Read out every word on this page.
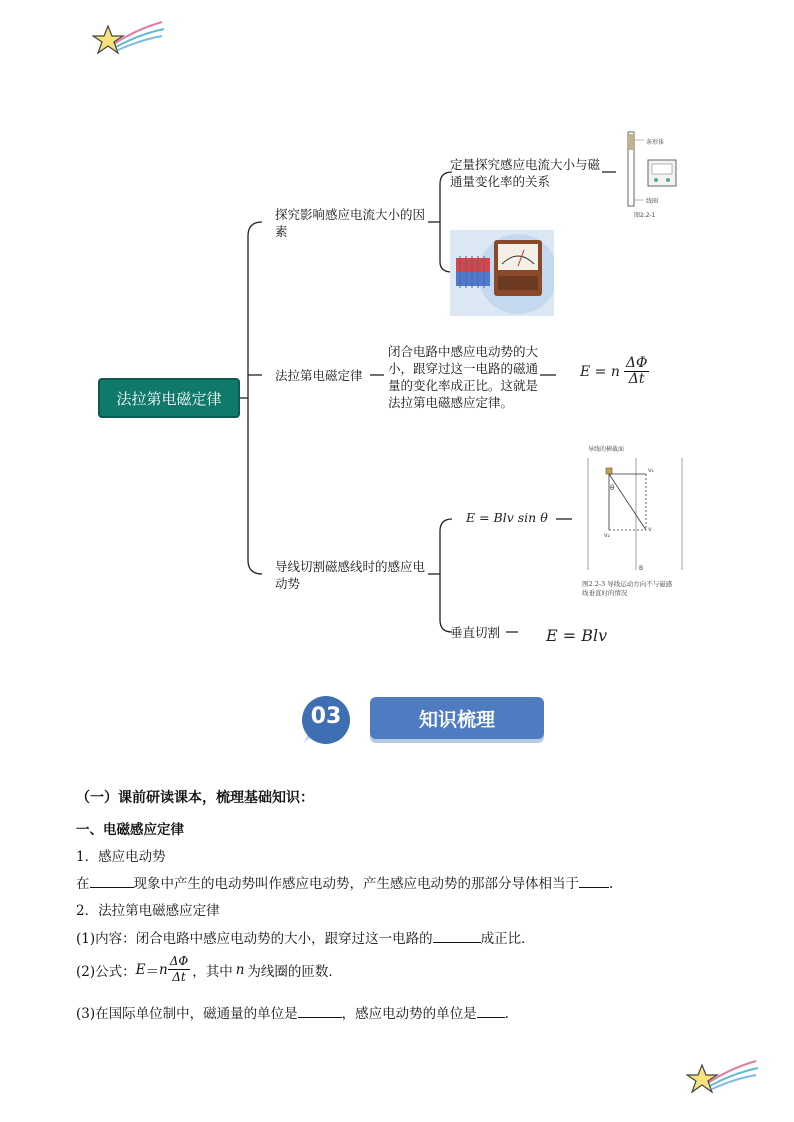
法拉第电磁定律
探究影响感应电流大小的因
素
定量探究感应电流大小与磁
通量变化率的关系
条形体
线圈
图2.2-1
法拉第电磁定律
闭合电路中感应电动势的大
小，跟穿过这一电路的磁通
量的变化率成正比。这就是
法拉第电磁感应定律。
E = n $\frac{\Delta\Phi}{\Delta t}$
导线切割磁感线时的感应电
动势
E = Blv sin θ
垂直切割	E = Blv
导线的横截面
v₁
θ
v₂
v
B
图2.2-3 导线运动方向不与磁感
线垂直时的情况
03	知识梳理
（一）课前研读课本，梳理基础知识：
一、电磁感应定律
1．感应电动势
在	现象中产生的电动势叫作感应电动势，产生感应电动势的那部分导体相当于 .
2．法拉第电磁感应定律
(1)内容：闭合电路中感应电动势的大小，跟穿过这一电路的	成正比．
(2)公式： E ＝ n $\frac{\Delta\Phi}{\Delta t}$ ，其中 n 为线圈的匝数．
(3)在国际单位制中，磁通量的单位是	，感应电动势的单位是 .
